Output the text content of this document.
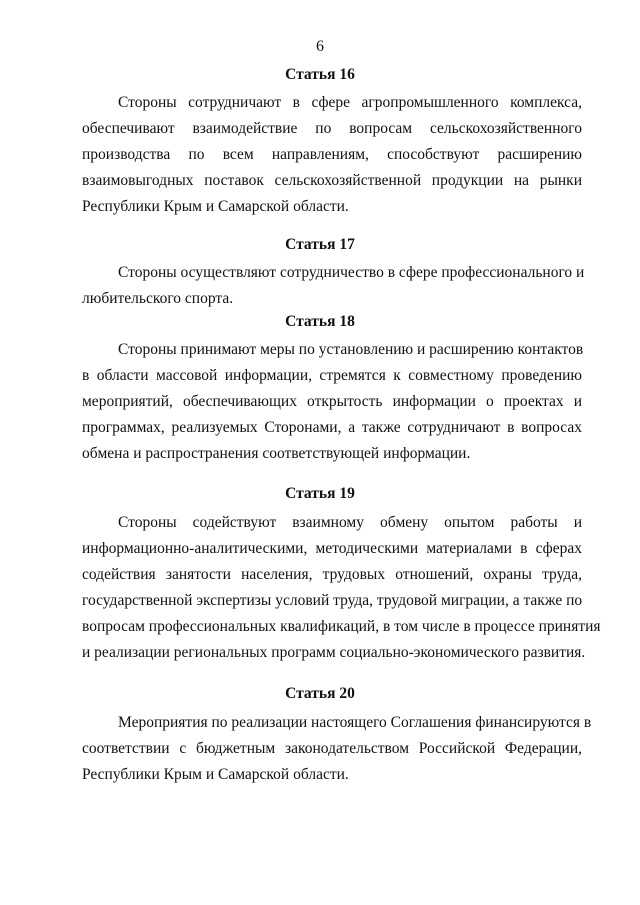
6
Статья 16
Стороны сотрудничают в сфере агропромышленного комплекса,
обеспечивают взаимодействие по вопросам сельскохозяйственного
производства по всем направлениям, способствуют расширению
взаимовыгодных поставок сельскохозяйственной продукции на рынки
Республики Крым и Самарской области.
Статья 17
Стороны осуществляют сотрудничество в сфере профессионального и
любительского спорта.
Статья 18
Стороны принимают меры по установлению и расширению контактов
в области массовой информации, стремятся к совместному проведению
мероприятий, обеспечивающих открытость информации о проектах и
программах, реализуемых Сторонами, а также сотрудничают в вопросах
обмена и распространения соответствующей информации.
Статья 19
Стороны содействуют взаимному обмену опытом работы и
информационно-аналитическими, методическими материалами в сферах
содействия занятости населения, трудовых отношений, охраны труда,
государственной экспертизы условий труда, трудовой миграции, а также по
вопросам профессиональных квалификаций, в том числе в процессе принятия
и реализации региональных программ социально-экономического развития.
Статья 20
Мероприятия по реализации настоящего Соглашения финансируются в
соответствии с бюджетным законодательством Российской Федерации,
Республики Крым и Самарской области.
